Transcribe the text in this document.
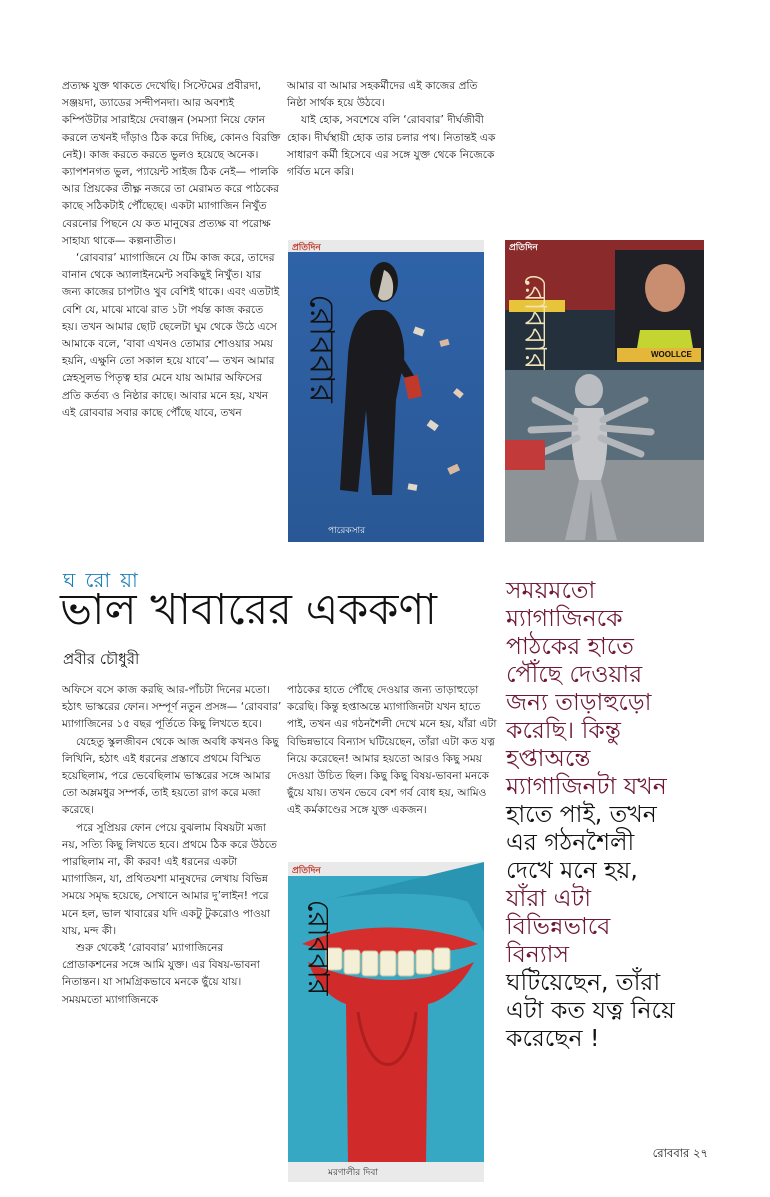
প্রত্যক্ষ যুক্ত থাকতে দেখেছি। সিস্টেমের প্রবীরদা, সঞ্জয়দা, ড্যাডের সন্দীপনদা। আর অবশ্যই কম্পিউটার সারাইয়ে দেবাঞ্জন (সমস্যা নিয়ে ফোন করলে তখনই দাঁড়াও ঠিক করে দিচ্ছি, কোনও বিরক্তি নেই)। কাজ করতে করতে ভুলও হয়েছে অনেক। ক্যাপশনগত ভুল, প্যায়েন্ট সাইজ ঠিক নেই— পালকি আর প্রিয়কের তীক্ষ্ণ নজরে তা মেরামত করে পাঠকের কাছে সঠিকটাই পৌঁছেছে। একটা ম্যাগাজিন নিখুঁত বেরনোর পিছনে যে কত মানুষের প্রত্যক্ষ বা পরোক্ষ সাহায্য থাকে— কল্পনাতীত।

‘রোববার’ ম্যাগাজিনে যে টিম কাজ করে, তাদের বানান থেকে অ্যালাইনমেন্ট সবকিছুই নিখুঁত। যার জন্য কাজের চাপটাও খুব বেশিই থাকে। এবং এতটাই বেশি যে, মাঝে মাঝে রাত ১টা পর্যন্ত কাজ করতে হয়। তখন আমার ছোট ছেলেটা ঘুম থেকে উঠে এসে আমাকে বলে, ‘বাবা এখনও তোমার শোওয়ার সময় হয়নি, এক্ষুনি তো সকাল হয়ে যাবে’— তখন আমার স্নেহসুলভ পিতৃত্ব হার মেনে যায় আমার অফিসের প্রতি কর্তব্য ও নিষ্ঠার কাছে। আবার মনে হয়, যখন এই রোববার সবার কাছে পৌঁছে যাবে, তখন

আমার বা আমার সহকর্মীদের এই কাজের প্রতি নিষ্ঠা সার্থক হয়ে উঠবে।

যাই হোক, সবশেষে বলি ‘রোববার’ দীর্ঘজীবী হোক। দীর্ঘস্থায়ী হোক তার চলার পথ। নিতান্তই এক সাধারণ কর্মী হিসেবে এর সঙ্গে যুক্ত থেকে নিজেকে গর্বিত মনে করি।

প্রতিদিন
রোববার
পারেকসার
প্রতিদিন
রোববার	WOOLLCE
ঘরোয়া
ভাল খাবারের এককণা
প্রবীর চৌধুরী

অফিসে বসে কাজ করছি আর-পাঁচটা দিনের মতো। হঠাৎ ভাস্করের ফোন। সম্পূর্ণ নতুন প্রসঙ্গ— ‘রোববার’ ম্যাগাজিনের ১৫ বছর পূর্তিতে কিছু লিখতে হবে।

যেহেতু স্কুলজীবন থেকে আজ অবধি কখনও কিছু লিখিনি, হঠাৎ এই ধরনের প্রস্তাবে প্রথমে বিস্মিত হয়েছিলাম, পরে ভেবেছিলাম ভাস্করের সঙ্গে আমার তো অম্লমধুর সম্পর্ক, তাই হয়তো রাগ করে মজা করেছে।

পরে সুপ্রিয়র ফোন পেয়ে বুঝলাম বিষয়টা মজা নয়, সত্যি কিছু লিখতে হবে। প্রথমে ঠিক করে উঠতে পারছিলাম না, কী করব! এই ধরনের একটা ম্যাগাজিন, যা, প্রথিতযশা মানুষদের লেখায় বিভিন্ন সময়ে সমৃদ্ধ হয়েছে, সেখানে আমার দু’লাইন! পরে মনে হল, ভাল খাবারের যদি একটু টুকরোও পাওয়া যায়, মন্দ কী।

শুরু থেকেই ‘রোববার’ ম্যাগাজিনের প্রোডাকশনের সঙ্গে আমি যুক্ত। এর বিষয়-ভাবনা নিতান্তন। যা সামগ্রিকভাবে মনকে ছুঁয়ে যায়। সময়মতো ম্যাগাজিনকে

পাঠকের হাতে পৌঁছে দেওয়ার জন্য তাড়াহুড়ো করেছি। কিন্তু হপ্তাঅন্তে ম্যাগাজিনটা যখন হাতে পাই, তখন এর গঠনশৈলী দেখে মনে হয়, যাঁরা এটা বিভিন্নভাবে বিন্যাস ঘটিয়েছেন, তাঁরা এটা কত যত্ন নিয়ে করেছেন! আমার হয়তো আরও কিছু সময় দেওয়া উচিত ছিল। কিছু কিছু বিষয়-ভাবনা মনকে ছুঁয়ে যায়। তখন ভেবে বেশ গর্ব বোধ হয়, আমিও এই কর্মকাণ্ডের সঙ্গে যুক্ত একজন।

প্রতিদিন
রোববার
মরণালীর দিবা
সময়মতো
ম্যাগাজিনকে
পাঠকের হাতে
পৌঁছে দেওয়ার
জন্য তাড়াহুড়ো
করেছি। কিন্তু
হপ্তাঅন্তে
ম্যাগাজিনটা যখন
হাতে পাই, তখন
এর গঠনশৈলী
দেখে মনে হয়,
যাঁরা এটা
বিভিন্নভাবে
বিন্যাস
ঘটিয়েছেন, তাঁরা
এটা কত যত্ন নিয়ে
করেছেন !
রোববার ২৭
